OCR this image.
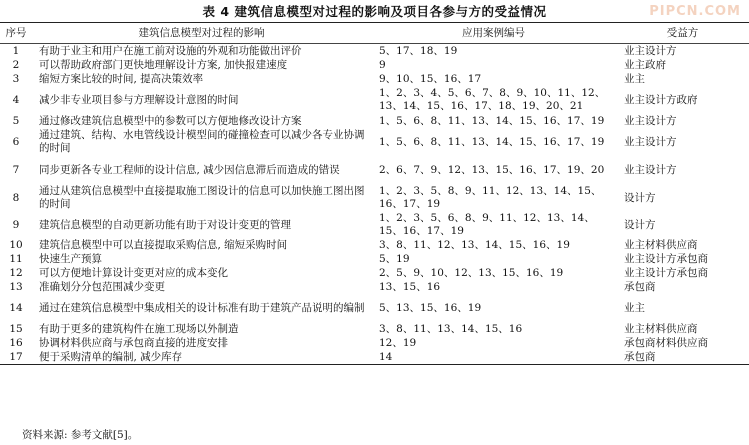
表 4 建筑信息模型对过程的影响及项目各参与方的受益情况	PIPCN.COM
序号	建筑信息模型对过程的影响	应用案例编号	受益方
1	有助于业主和用户在施工前对设施的外观和功能做出评价	5、17、18、19	业主设计方
2	可以帮助政府部门更快地理解设计方案, 加快报建速度	9	业主政府
3	缩短方案比较的时间, 提高决策效率	9、10、15、16、17	业主
4	减少非专业项目参与方理解设计意图的时间	1、2、3、4、5、6、7、8、9、10、11、12、13、14、15、16、17、18、19、20、21	业主设计方政府
5	通过修改建筑信息模型中的参数可以方便地修改设计方案	1、5、6、8、11、13、14、15、16、17、19	业主设计方
6	通过建筑、结构、水电管线设计模型间的碰撞检查可以减少各专业协调的时间	1、5、6、8、11、13、14、15、16、17、19	业主设计方
7	同步更新各专业工程师的设计信息, 减少因信息滞后而造成的错误	2、6、7、9、12、13、15、16、17、19、20	业主设计方
8	通过从建筑信息模型中直接提取施工图设计的信息可以加快施工图出图的时间	1、2、3、5、8、9、11、12、13、14、15、16、17、19	设计方
9	建筑信息模型的自动更新功能有助于对设计变更的管理	1、2、3、5、6、8、9、11、12、13、14、15、16、17、19	设计方
10	建筑信息模型中可以直接提取采购信息, 缩短采购时间	3、8、11、12、13、14、15、16、19	业主材料供应商
11	快速生产预算	5、19	业主设计方承包商
12	可以方便地计算设计变更对应的成本变化	2、5、9、10、12、13、15、16、19	业主设计方承包商
13	准确划分分包范围减少变更	13、15、16	承包商
14	通过在建筑信息模型中集成相关的设计标准有助于建筑产品说明的编制	5、13、15、16、19	业主
15	有助于更多的建筑构件在施工现场以外制造	3、8、11、13、14、15、16	业主材料供应商
16	协调材料供应商与承包商直接的进度安排	12、19	承包商材料供应商
17	便于采购清单的编制, 减少库存	14	承包商
资料来源: 参考文献[5]。
